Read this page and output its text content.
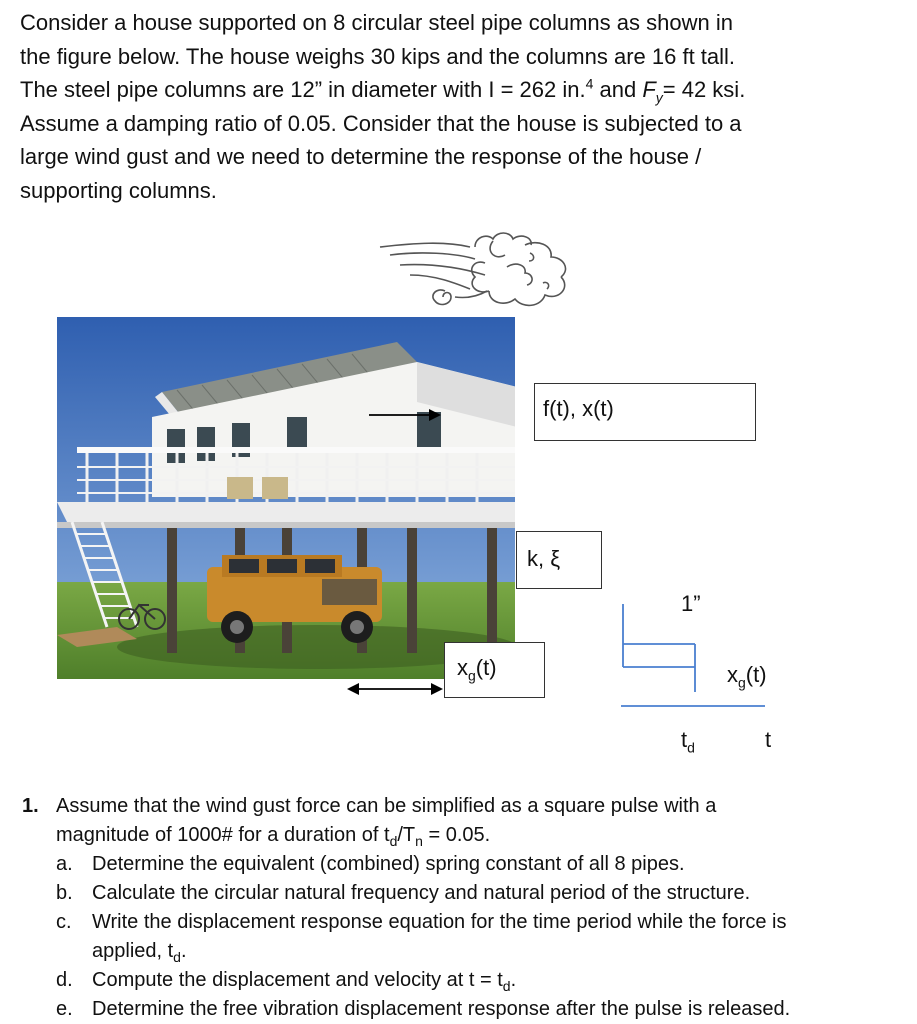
Consider a house supported on 8 circular steel pipe columns as shown in
the figure below. The house weighs 30 kips and the columns are 16 ft tall.
The steel pipe columns are 12” in diameter with I = 262 in.$^4$ and $F_y= 42$ ksi.
Assume a damping ratio of 0.05. Consider that the house is subjected to a
large wind gust and we need to determine the response of the house /
supporting columns.
f(t), x(t)
k, ξ
$x_g(t)$
1”
$x_g(t)$
$t_d$	t
1. Assume that the wind gust force can be simplified as a square pulse with a
magnitude of 1000# for a duration of $t_d/T_n = 0.05$.
a. Determine the equivalent (combined) spring constant of all 8 pipes.
b. Calculate the circular natural frequency and natural period of the structure.
c. Write the displacement response equation for the time period while the force is
applied, $t_d$.
d. Compute the displacement and velocity at $t = t_d$.
e. Determine the free vibration displacement response after the pulse is released.
